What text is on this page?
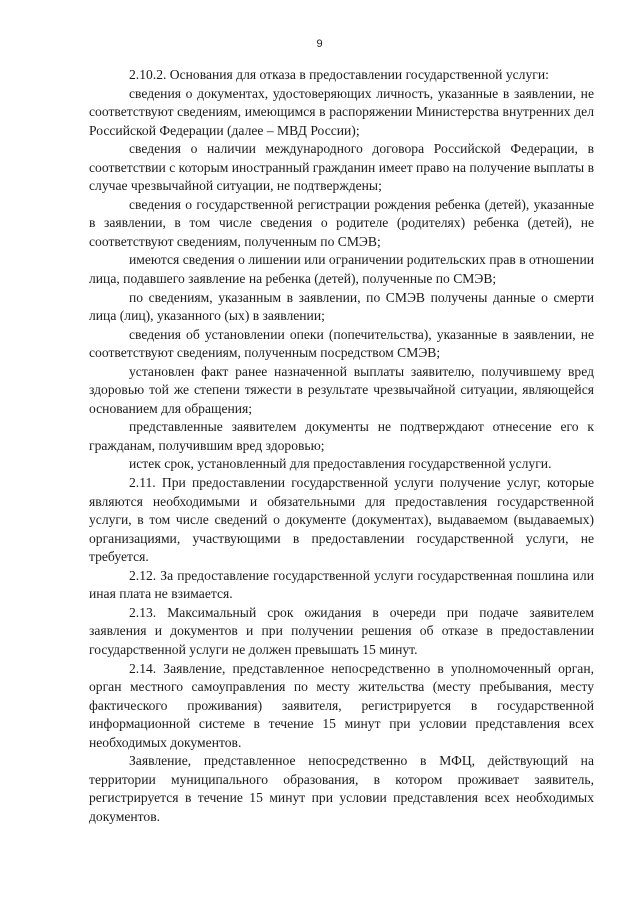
9

2.10.2. Основания для отказа в предоставлении государственной услуги:

сведения о документах, удостоверяющих личность, указанные в заявлении, не соответствуют сведениям, имеющимся в распоряжении Министерства внутренних дел Российской Федерации (далее – МВД России);

сведения о наличии международного договора Российской Федерации, в соответствии с которым иностранный гражданин имеет право на получение выплаты в случае чрезвычайной ситуации, не подтверждены;

сведения о государственной регистрации рождения ребенка (детей), указанные в заявлении, в том числе сведения о родителе (родителях) ребенка (детей), не соответствуют сведениям, полученным по СМЭВ;

имеются сведения о лишении или ограничении родительских прав в отношении лица, подавшего заявление на ребенка (детей), полученные по СМЭВ;

по сведениям, указанным в заявлении, по СМЭВ получены данные о смерти лица (лиц), указанного (ых) в заявлении;

сведения об установлении опеки (попечительства), указанные в заявлении, не соответствуют сведениям, полученным посредством СМЭВ;

установлен факт ранее назначенной выплаты заявителю, получившему вред здоровью той же степени тяжести в результате чрезвычайной ситуации, являющейся основанием для обращения;

представленные заявителем документы не подтверждают отнесение его к гражданам, получившим вред здоровью;

истек срок, установленный для предоставления государственной услуги.

2.11. При предоставлении государственной услуги получение услуг, которые являются необходимыми и обязательными для предоставления государственной услуги, в том числе сведений о документе (документах), выдаваемом (выдаваемых) организациями, участвующими в предоставлении государственной услуги, не требуется.

2.12. За предоставление государственной услуги государственная пошлина или иная плата не взимается.

2.13. Максимальный срок ожидания в очереди при подаче заявителем заявления и документов и при получении решения об отказе в предоставлении государственной услуги не должен превышать 15 минут.

2.14. Заявление, представленное непосредственно в уполномоченный орган, орган местного самоуправления по месту жительства (месту пребывания, месту фактического проживания) заявителя, регистрируется в государственной информационной системе в течение 15 минут при условии представления всех необходимых документов.

Заявление, представленное непосредственно в МФЦ, действующий на территории муниципального образования, в котором проживает заявитель, регистрируется в течение 15 минут при условии представления всех необходимых документов.
